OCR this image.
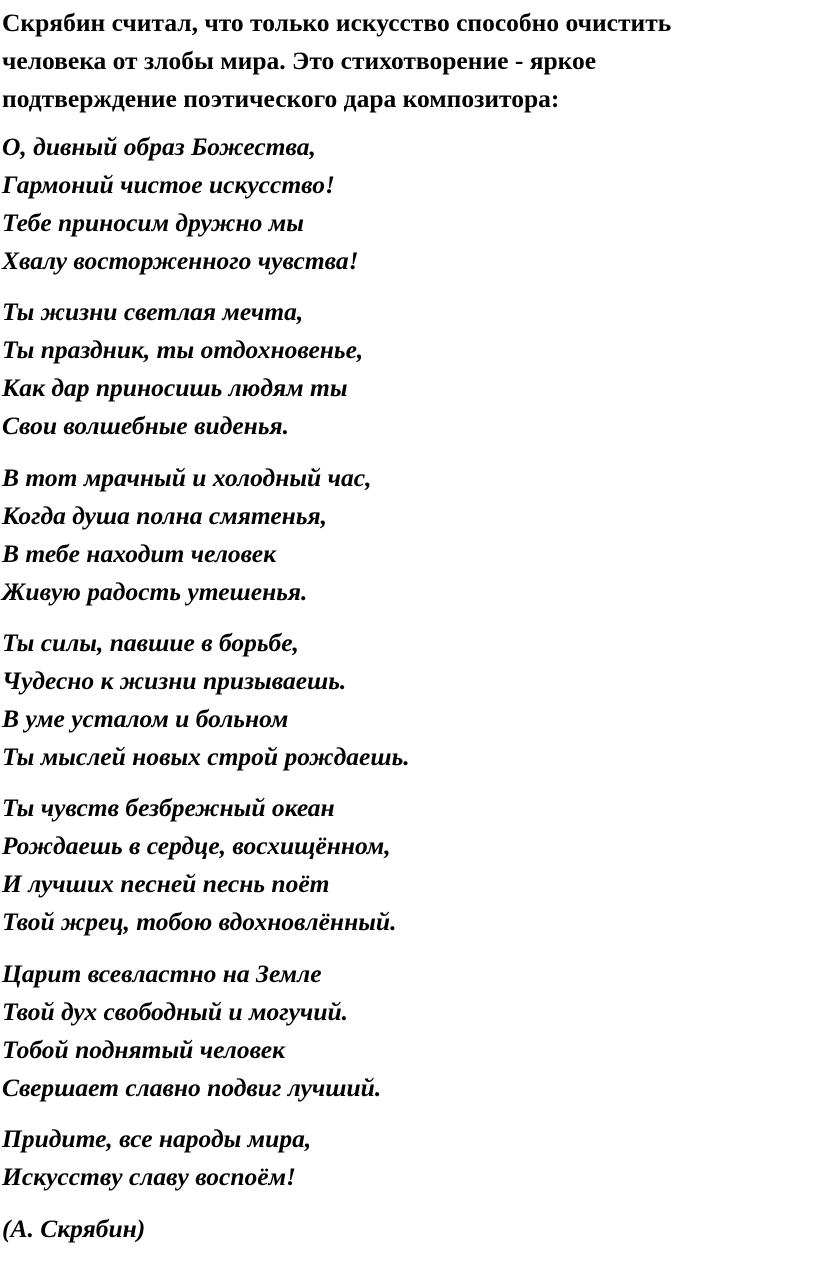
Скрябин считал, что только искусство способно очистить
человека от злобы мира. Это стихотворение - яркое
подтверждение поэтического дара композитора:
О, дивный образ Божества,
Гармоний чистое искусство!
Тебе приносим дружно мы
Хвалу восторженного чувства!
Ты жизни светлая мечта,
Ты праздник, ты отдохновенье,
Как дар приносишь людям ты
Свои волшебные виденья.
В тот мрачный и холодный час,
Когда душа полна смятенья,
В тебе находит человек
Живую радость утешенья.
Ты силы, павшие в борьбе,
Чудесно к жизни призываешь.
В уме усталом и больном
Ты мыслей новых строй рождаешь.
Ты чувств безбрежный океан
Рождаешь в сердце, восхищённом,
И лучших песней песнь поёт
Твой жрец, тобою вдохновлённый.
Царит всевластно на Земле
Твой дух свободный и могучий.
Тобой поднятый человек
Свершает славно подвиг лучший.
Придите, все народы мира,
Искусству славу воспоём!
(А. Скрябин)
